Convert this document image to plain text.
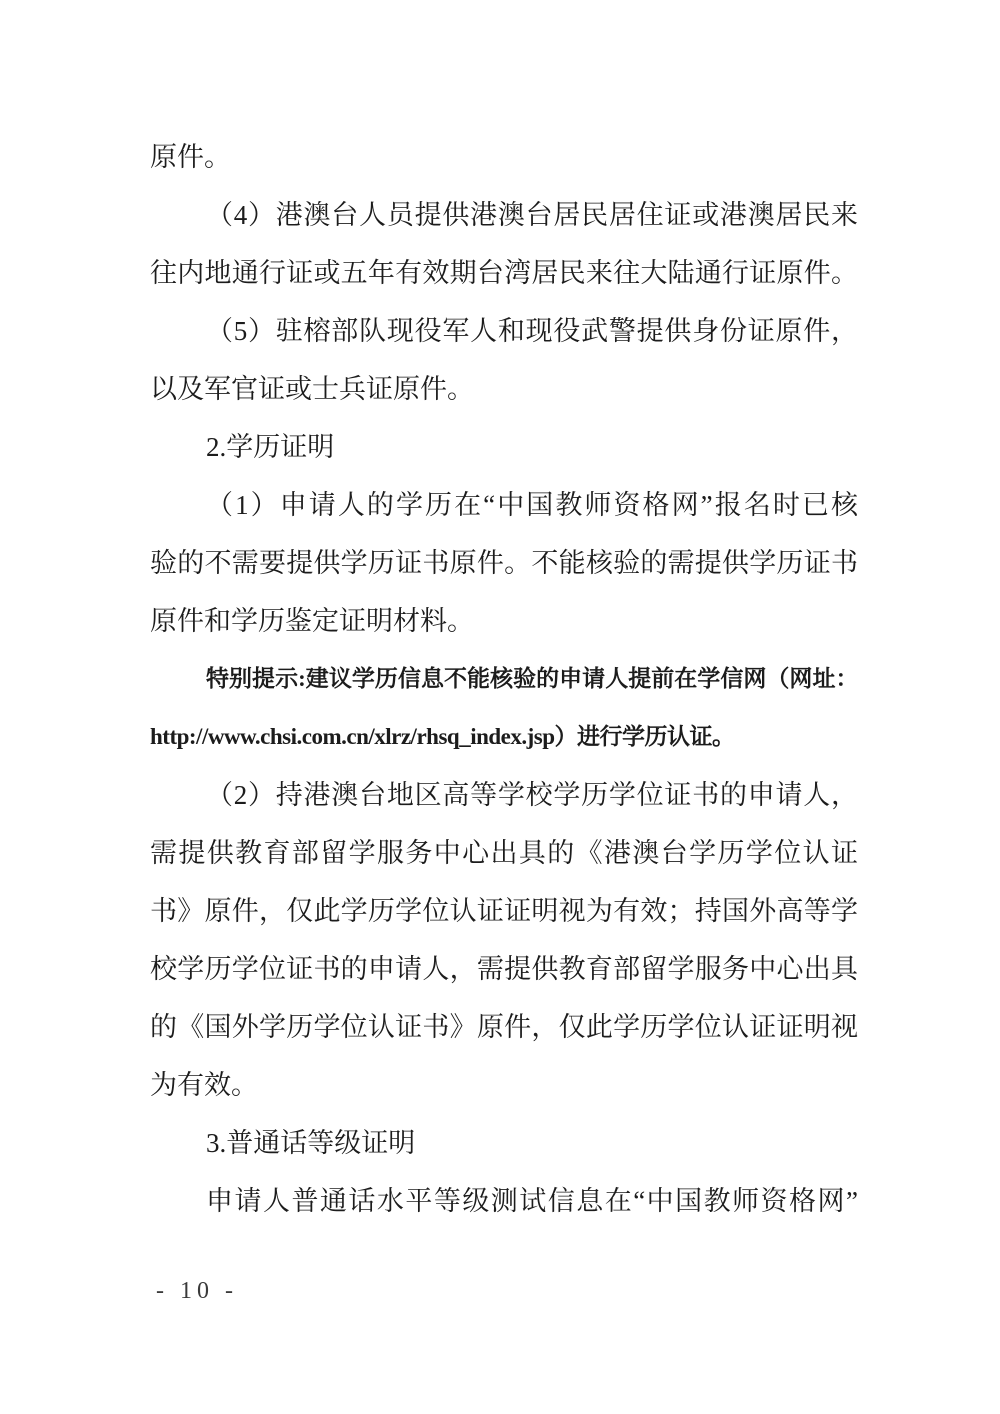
原件。
（4）港澳台人员提供港澳台居民居住证或港澳居民来
往内地通行证或五年有效期台湾居民来往大陆通行证原件。
（5）驻榕部队现役军人和现役武警提供身份证原件，
以及军官证或士兵证原件。
2.学历证明
（1）申请人的学历在“中国教师资格网”报名时已核
验的不需要提供学历证书原件。不能核验的需提供学历证书
原件和学历鉴定证明材料。
特别提示:建议学历信息不能核验的申请人提前在学信网（网址：
http://www.chsi.com.cn/xlrz/rhsq_index.jsp）进行学历认证。
（2）持港澳台地区高等学校学历学位证书的申请人，
需提供教育部留学服务中心出具的《港澳台学历学位认证
书》原件，仅此学历学位认证证明视为有效；持国外高等学
校学历学位证书的申请人，需提供教育部留学服务中心出具
的《国外学历学位认证书》原件，仅此学历学位认证证明视
为有效。
3.普通话等级证明
申请人普通话水平等级测试信息在“中国教师资格网”
- 10 -
